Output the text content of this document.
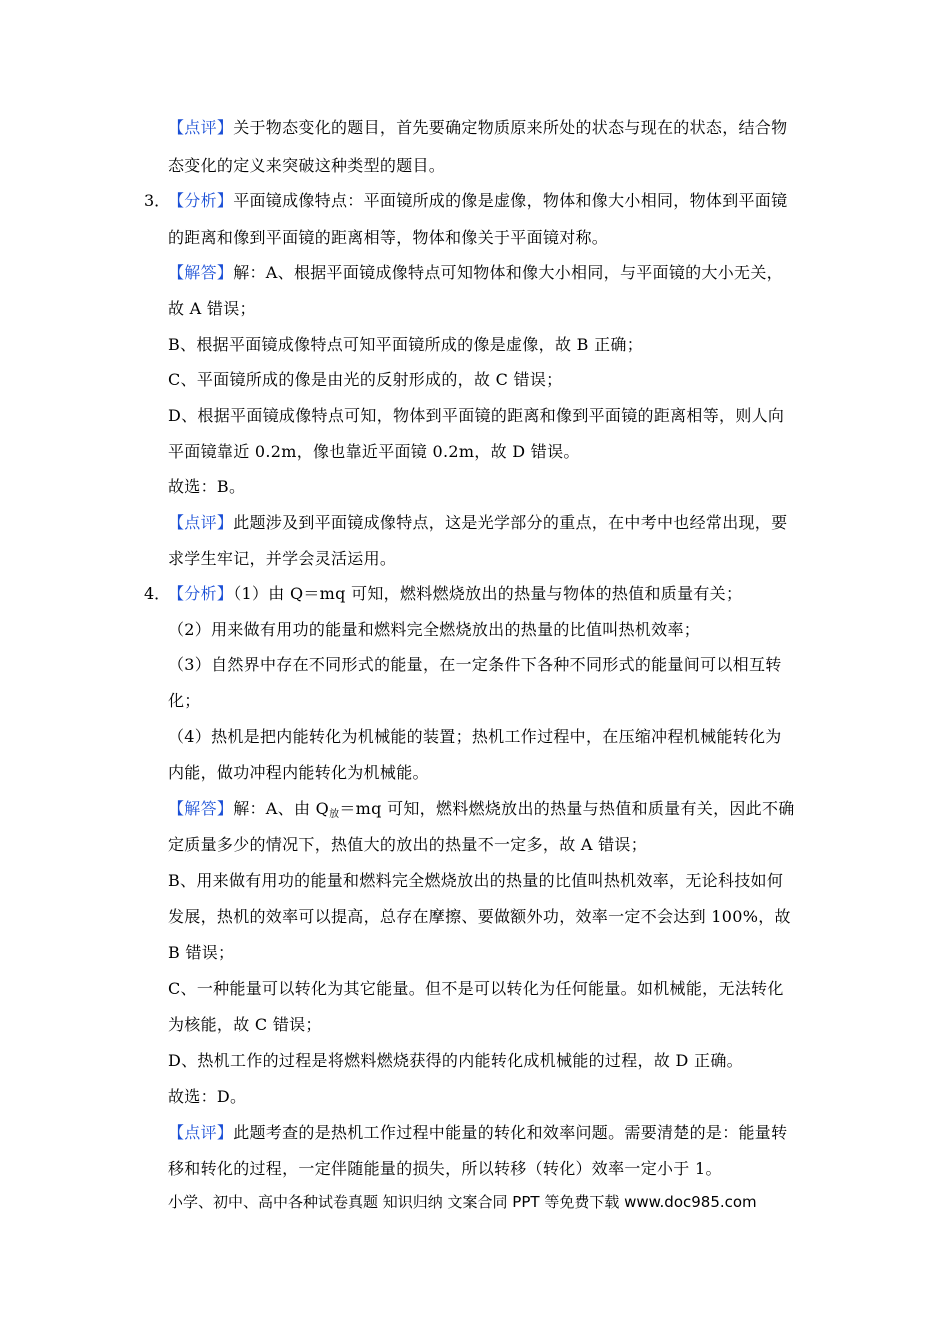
【点评】关于物态变化的题目，首先要确定物质原来所处的状态与现在的状态，结合物
态变化的定义来突破这种类型的题目。
3．
【分析】平面镜成像特点：平面镜所成的像是虚像，物体和像大小相同，物体到平面镜
的距离和像到平面镜的距离相等，物体和像关于平面镜对称。
【解答】解：A、根据平面镜成像特点可知物体和像大小相同，与平面镜的大小无关，
故 A 错误；
B、根据平面镜成像特点可知平面镜所成的像是虚像，故 B 正确；
C、平面镜所成的像是由光的反射形成的，故 C 错误；
D、根据平面镜成像特点可知，物体到平面镜的距离和像到平面镜的距离相等，则人向
平面镜靠近 0.2m，像也靠近平面镜 0.2m，故 D 错误。
故选：B。
【点评】此题涉及到平面镜成像特点，这是光学部分的重点，在中考中也经常出现，要
求学生牢记，并学会灵活运用。
4．
【分析】（1）由 Q＝mq 可知，燃料燃烧放出的热量与物体的热值和质量有关；
（2）用来做有用功的能量和燃料完全燃烧放出的热量的比值叫热机效率；
（3）自然界中存在不同形式的能量，在一定条件下各种不同形式的能量间可以相互转
化；
（4）热机是把内能转化为机械能的装置；热机工作过程中，在压缩冲程机械能转化为
内能，做功冲程内能转化为机械能。
【解答】解：A、由 $Q_放=mq$ 可知，燃料燃烧放出的热量与热值和质量有关，因此不确
定质量多少的情况下，热值大的放出的热量不一定多，故 A 错误；
B、用来做有用功的能量和燃料完全燃烧放出的热量的比值叫热机效率，无论科技如何
发展，热机的效率可以提高，总存在摩擦、要做额外功，效率一定不会达到 100%，故
B 错误；
C、一种能量可以转化为其它能量。但不是可以转化为任何能量。如机械能，无法转化
为核能，故 C 错误；
D、热机工作的过程是将燃料燃烧获得的内能转化成机械能的过程，故 D 正确。
故选：D。
【点评】此题考查的是热机工作过程中能量的转化和效率问题。需要清楚的是：能量转
移和转化的过程，一定伴随能量的损失，所以转移（转化）效率一定小于 1。
小学、初中、高中各种试卷真题 知识归纳 文案合同 PPT 等免费下载 www.doc985.com
